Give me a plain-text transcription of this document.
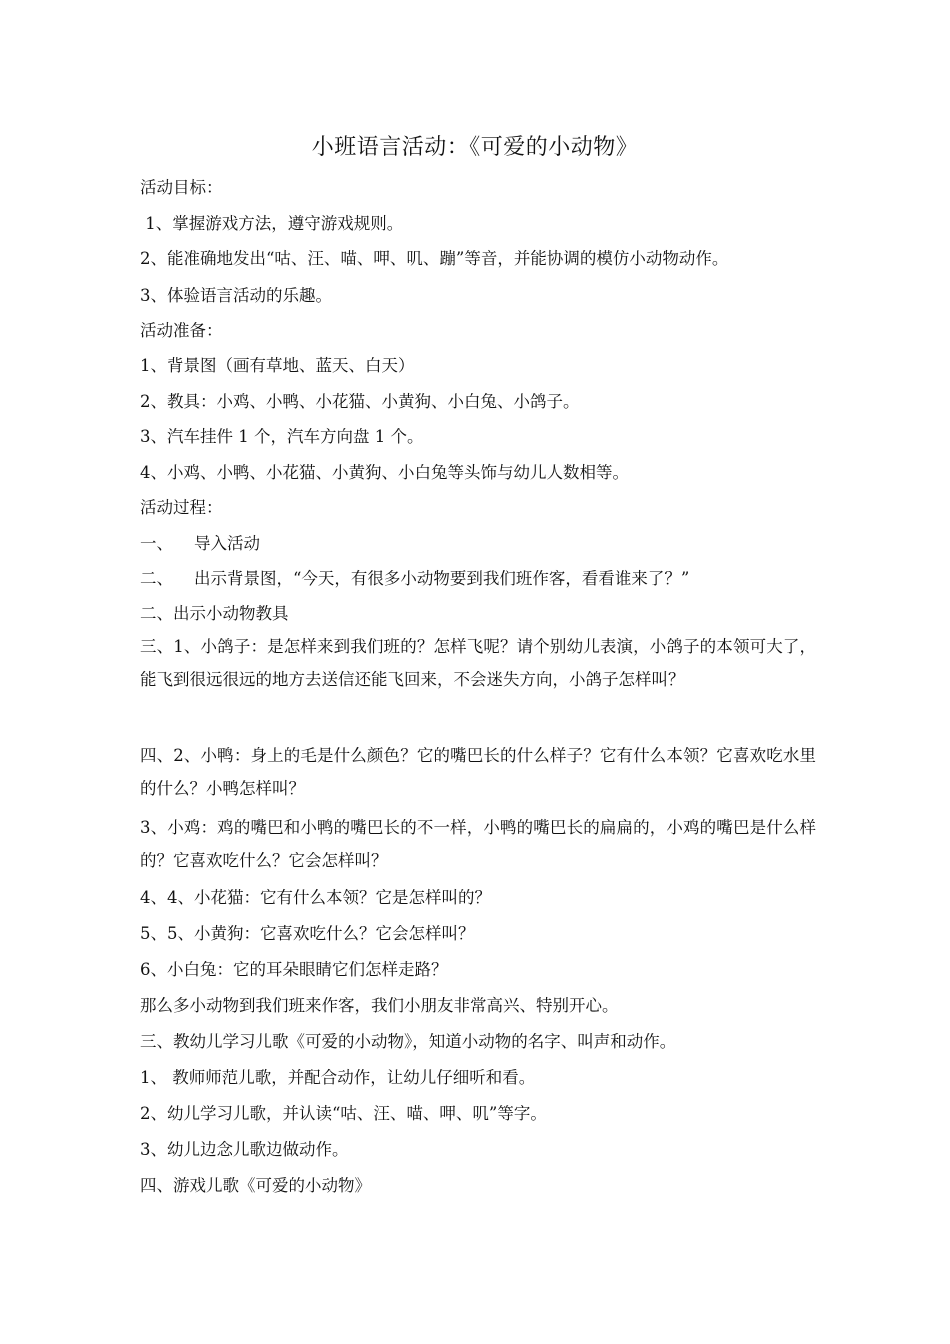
小班语言活动：《可爱的小动物》
活动目标：
1、掌握游戏方法，遵守游戏规则。
2、能准确地发出“咕、汪、喵、呷、叽、蹦”等音，并能协调的模仿小动物动作。
3、体验语言活动的乐趣。
活动准备：
1、背景图（画有草地、蓝天、白天）
2、教具：小鸡、小鸭、小花猫、小黄狗、小白兔、小鸽子。
3、汽车挂件 1 个，汽车方向盘 1 个。
4、小鸡、小鸭、小花猫、小黄狗、小白兔等头饰与幼儿人数相等。
活动过程：
一、    导入活动
二、    出示背景图，“今天，有很多小动物要到我们班作客，看看谁来了？”
二、出示小动物教具
三、1、小鸽子：是怎样来到我们班的？怎样飞呢？请个别幼儿表演，小鸽子的本领可大了，能飞到很远很远的地方去送信还能飞回来，不会迷失方向，小鸽子怎样叫？
四、2、小鸭：身上的毛是什么颜色？它的嘴巴长的什么样子？它有什么本领？它喜欢吃水里的什么？小鸭怎样叫？
3、小鸡：鸡的嘴巴和小鸭的嘴巴长的不一样，小鸭的嘴巴长的扁扁的，小鸡的嘴巴是什么样的？它喜欢吃什么？它会怎样叫？
4、4、小花猫：它有什么本领？它是怎样叫的？
5、5、小黄狗：它喜欢吃什么？它会怎样叫？
6、小白兔：它的耳朵眼睛它们怎样走路？
那么多小动物到我们班来作客，我们小朋友非常高兴、特别开心。
三、教幼儿学习儿歌《可爱的小动物》，知道小动物的名字、叫声和动作。
1、 教师师范儿歌，并配合动作，让幼儿仔细听和看。
2、幼儿学习儿歌，并认读“咕、汪、喵、呷、叽”等字。
3、幼儿边念儿歌边做动作。
四、游戏儿歌《可爱的小动物》
